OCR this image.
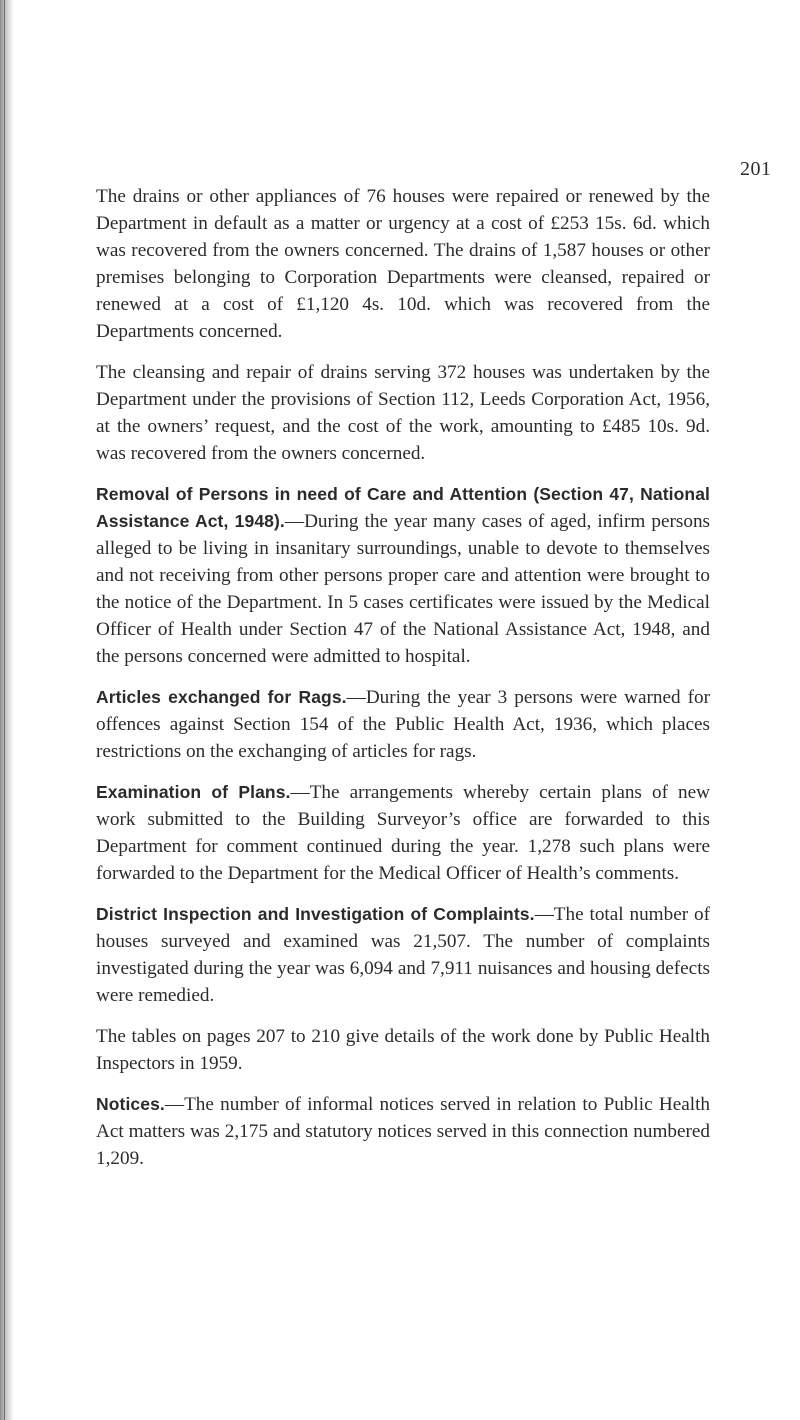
201

The drains or other appliances of 76 houses were repaired or renewed by the Department in default as a matter or urgency at a cost of £253 15s. 6d. which was recovered from the owners concerned. The drains of 1,587 houses or other premises belonging to Corporation Departments were cleansed, repaired or renewed at a cost of £1,120 4s. 10d. which was recovered from the Departments concerned.

The cleansing and repair of drains serving 372 houses was undertaken by the Department under the provisions of Section 112, Leeds Corporation Act, 1956, at the owners’ request, and the cost of the work, amounting to £485 10s. 9d. was recovered from the owners concerned.

Removal of Persons in need of Care and Attention (Section 47, National Assistance Act, 1948).—During the year many cases of aged, infirm persons alleged to be living in insanitary surroundings, unable to devote to themselves and not receiving from other persons proper care and attention were brought to the notice of the Department. In 5 cases certificates were issued by the Medical Officer of Health under Section 47 of the National Assistance Act, 1948, and the persons concerned were admitted to hospital.

Articles exchanged for Rags.—During the year 3 persons were warned for offences against Section 154 of the Public Health Act, 1936, which places restrictions on the exchanging of articles for rags.

Examination of Plans.—The arrangements whereby certain plans of new work submitted to the Building Surveyor’s office are forwarded to this Department for comment continued during the year. 1,278 such plans were forwarded to the Department for the Medical Officer of Health’s comments.

District Inspection and Investigation of Complaints.—The total number of houses surveyed and examined was 21,507. The number of complaints investigated during the year was 6,094 and 7,911 nuisances and housing defects were remedied.

The tables on pages 207 to 210 give details of the work done by Public Health Inspectors in 1959.

Notices.—The number of informal notices served in relation to Public Health Act matters was 2,175 and statutory notices served in this connection numbered 1,209.
